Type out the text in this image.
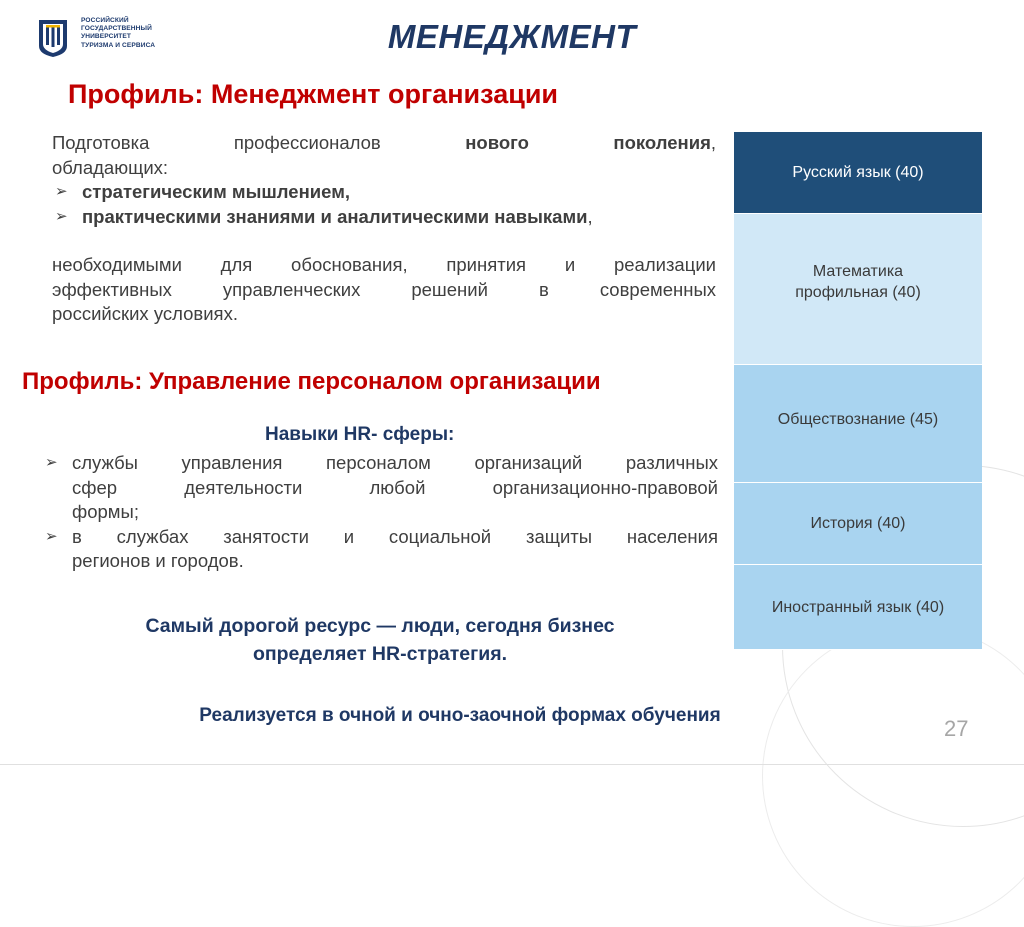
РОССИЙСКИЙ
ГОСУДАРСТВЕННЫЙ
УНИВЕРСИТЕТ
ТУРИЗМА И СЕРВИСА	МЕНЕДЖМЕНТ
Профиль: Менеджмент организации
Подготовка	профессионалов	нового поколения,
обладающих:
➢ стратегическим мышлением,
➢ практическими знаниями и аналитическими навыками,
необходимыми для обоснования, принятия и реализации
эффективных управленческих решений в современных
российских условиях.
Профиль: Управление персоналом организации
Навыки HR- сферы:
➢ службы управления персоналом организаций различных
сфер деятельности любой организационно-правовой
формы;
➢ в службах занятости и социальной защиты населения
регионов и городов.
Самый дорогой ресурс — люди, сегодня бизнес
определяет HR-стратегия.
Реализуется в очной и очно-заочной формах обучения
Русский язык (40)
Математика профильная (40)
Обществознание (45)
История (40)
Иностранный язык (40)
27
